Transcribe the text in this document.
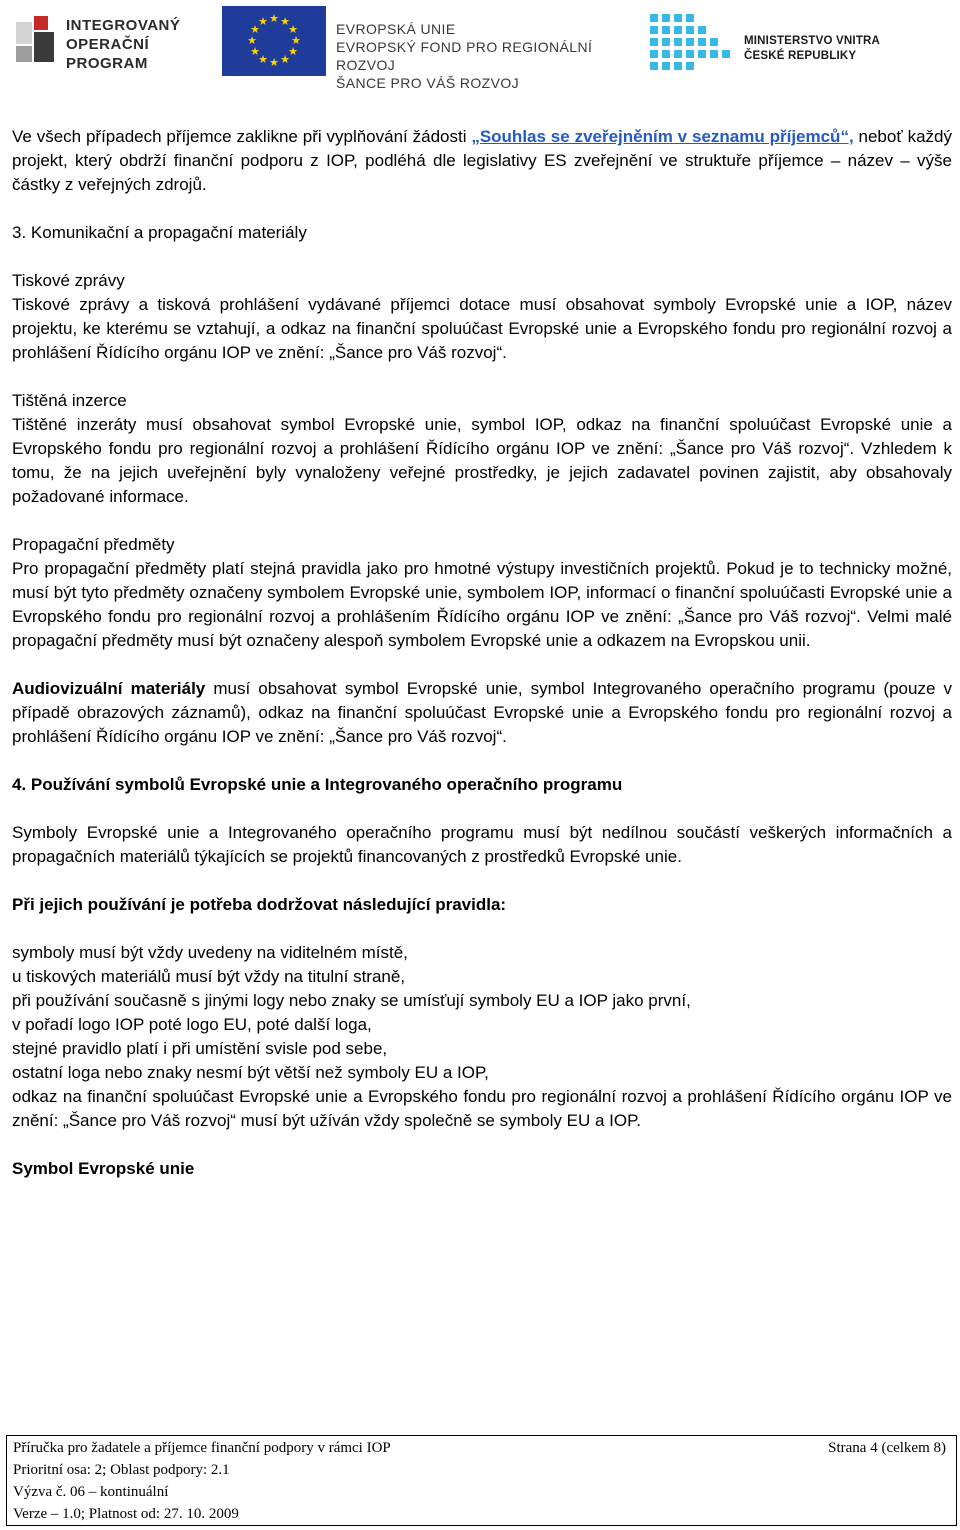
INTEGROVANÝ
OPERAČNÍ
PROGRAM
★ ★
★
★
★
★
★
★
★
★
★
★	EVROPSKÁ UNIE
EVROPSKÝ FOND PRO REGIONÁLNÍ ROZVOJ
ŠANCE PRO VÁŠ ROZVOJ
MINISTERSTVO VNITRA
ČESKÉ REPUBLIKY

Ve všech případech příjemce zaklikne při vyplňování žádosti „Souhlas se zveřejněním v seznamu příjemců“, neboť každý projekt, který obdrží finanční podporu z IOP, podléhá dle legislativy ES zveřejnění ve struktuře příjemce – název – výše částky z veřejných zdrojů.

3. Komunikační a propagační materiály

Tiskové zprávy

Tiskové zprávy a tisková prohlášení vydávané příjemci dotace musí obsahovat symboly Evropské unie a IOP, název projektu, ke kterému se vztahují, a odkaz na finanční spoluúčast Evropské unie a Evropského fondu pro regionální rozvoj a prohlášení Řídícího orgánu IOP ve znění: „Šance pro Váš rozvoj“.

Tištěná inzerce

Tištěné inzeráty musí obsahovat symbol Evropské unie, symbol IOP, odkaz na finanční spoluúčast Evropské unie a Evropského fondu pro regionální rozvoj a prohlášení Řídícího orgánu IOP ve znění: „Šance pro Váš rozvoj“. Vzhledem k tomu, že na jejich uveřejnění byly vynaloženy veřejné prostředky, je jejich zadavatel povinen zajistit, aby obsahovaly požadované informace.

Propagační předměty

Pro propagační předměty platí stejná pravidla jako pro hmotné výstupy investičních projektů. Pokud je to technicky možné, musí být tyto předměty označeny symbolem Evropské unie, symbolem IOP, informací o finanční spoluúčasti Evropské unie a Evropského fondu pro regionální rozvoj a prohlášením Řídícího orgánu IOP ve znění: „Šance pro Váš rozvoj“. Velmi malé propagační předměty musí být označeny alespoň symbolem Evropské unie a odkazem na Evropskou unii.

Audiovizuální materiály musí obsahovat symbol Evropské unie, symbol Integrovaného operačního programu (pouze v případě obrazových záznamů), odkaz na finanční spoluúčast Evropské unie a Evropského fondu pro regionální rozvoj a prohlášení Řídícího orgánu IOP ve znění: „Šance pro Váš rozvoj“.

4. Používání symbolů Evropské unie a Integrovaného operačního programu

Symboly Evropské unie a Integrovaného operačního programu musí být nedílnou součástí veškerých informačních a propagačních materiálů týkajících se projektů financovaných z prostředků Evropské unie.

Při jejich používání je potřeba dodržovat následující pravidla:

symboly musí být vždy uvedeny na viditelném místě,

u tiskových materiálů musí být vždy na titulní straně,

při používání současně s jinými logy nebo znaky se umísťují symboly EU a IOP jako první,

v pořadí logo IOP poté logo EU, poté další loga,

stejné pravidlo platí i při umístění svisle pod sebe,

ostatní loga nebo znaky nesmí být větší než symboly EU a IOP,

odkaz na finanční spoluúčast Evropské unie a Evropského fondu pro regionální rozvoj a prohlášení Řídícího orgánu IOP ve znění: „Šance pro Váš rozvoj“ musí být užíván vždy společně se symboly EU a IOP.

Symbol Evropské unie

Příručka pro žadatele a příjemce finanční podpory v rámci IOP	Strana 4 (celkem 8)
Prioritní osa: 2; Oblast podpory: 2.1
Výzva č. 06 – kontinuální
Verze – 1.0; Platnost od: 27. 10. 2009
